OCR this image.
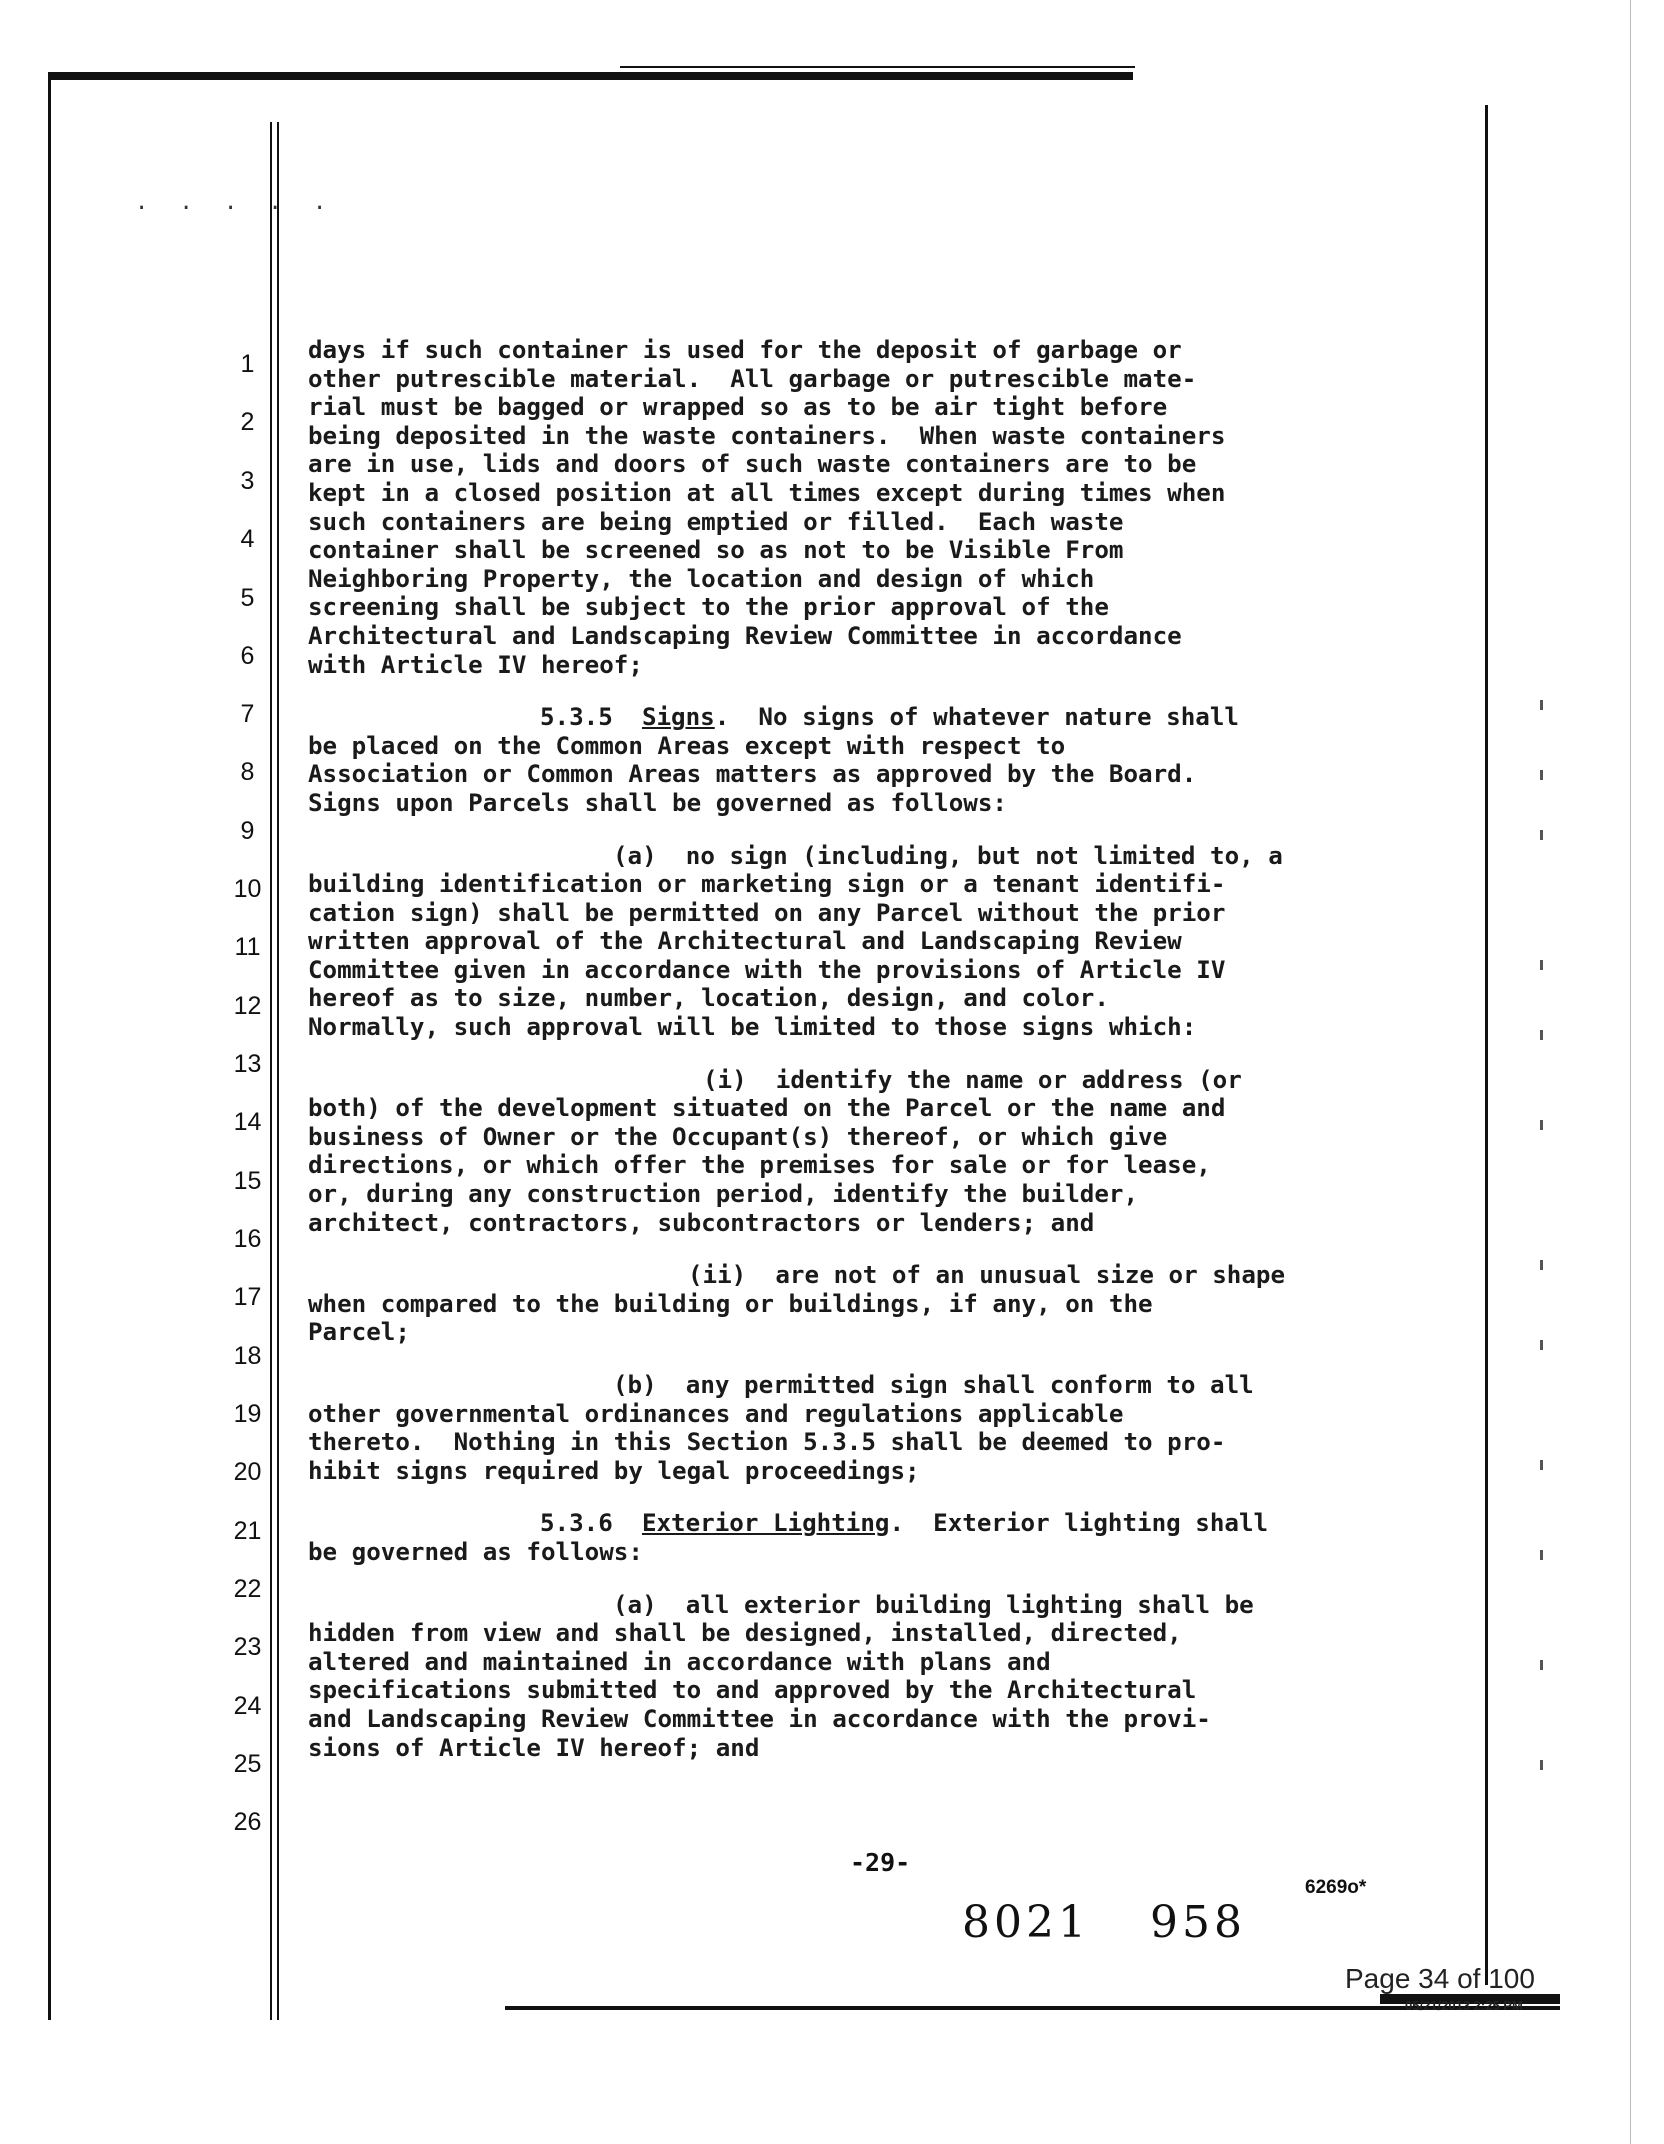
. . . . .
1
2
3
4
5
6
7
8
9
10
11
12
13
14
15
16
17
18
19
20
21
22
23
24
25
26

days if such container is used for the deposit of garbage or

other putrescible material.  All garbage or putrescible mate-

rial must be bagged or wrapped so as to be air tight before

being deposited in the waste containers.  When waste containers

are in use, lids and doors of such waste containers are to be

kept in a closed position at all times except during times when

such containers are being emptied or filled.  Each waste

container shall be screened so as not to be Visible From

Neighboring Property, the location and design of which

screening shall be subject to the prior approval of the

Architectural and Landscaping Review Committee in accordance

with Article IV hereof;

5.3.5 Signs.  No signs of whatever nature shall

be placed on the Common Areas except with respect to

Association or Common Areas matters as approved by the Board.

Signs upon Parcels shall be governed as follows:

(a)  no sign (including, but not limited to, a

building identification or marketing sign or a tenant identifi-

cation sign) shall be permitted on any Parcel without the prior

written approval of the Architectural and Landscaping Review

Committee given in accordance with the provisions of Article IV

hereof as to size, number, location, design, and color.

Normally, such approval will be limited to those signs which:

(i)  identify the name or address (or

both) of the development situated on the Parcel or the name and

business of Owner or the Occupant(s) thereof, or which give

directions, or which offer the premises for sale or for lease,

or, during any construction period, identify the builder,

architect, contractors, subcontractors or lenders; and

(ii)  are not of an unusual size or shape

when compared to the building or buildings, if any, on the

Parcel;

(b)  any permitted sign shall conform to all

other governmental ordinances and regulations applicable

thereto.  Nothing in this Section 5.3.5 shall be deemed to pro-

hibit signs required by legal proceedings;

5.3.6 Exterior Lighting.  Exterior lighting shall

be governed as follows:

(a)  all exterior building lighting shall be

hidden from view and shall be designed, installed, directed,

altered and maintained in accordance with plans and

specifications submitted to and approved by the Architectural

and Landscaping Review Committee in accordance with the provi-

sions of Article IV hereof; and

-29-
6269o*
8021 958
Page 34 of 100
05/21/2013 2:25 PM
